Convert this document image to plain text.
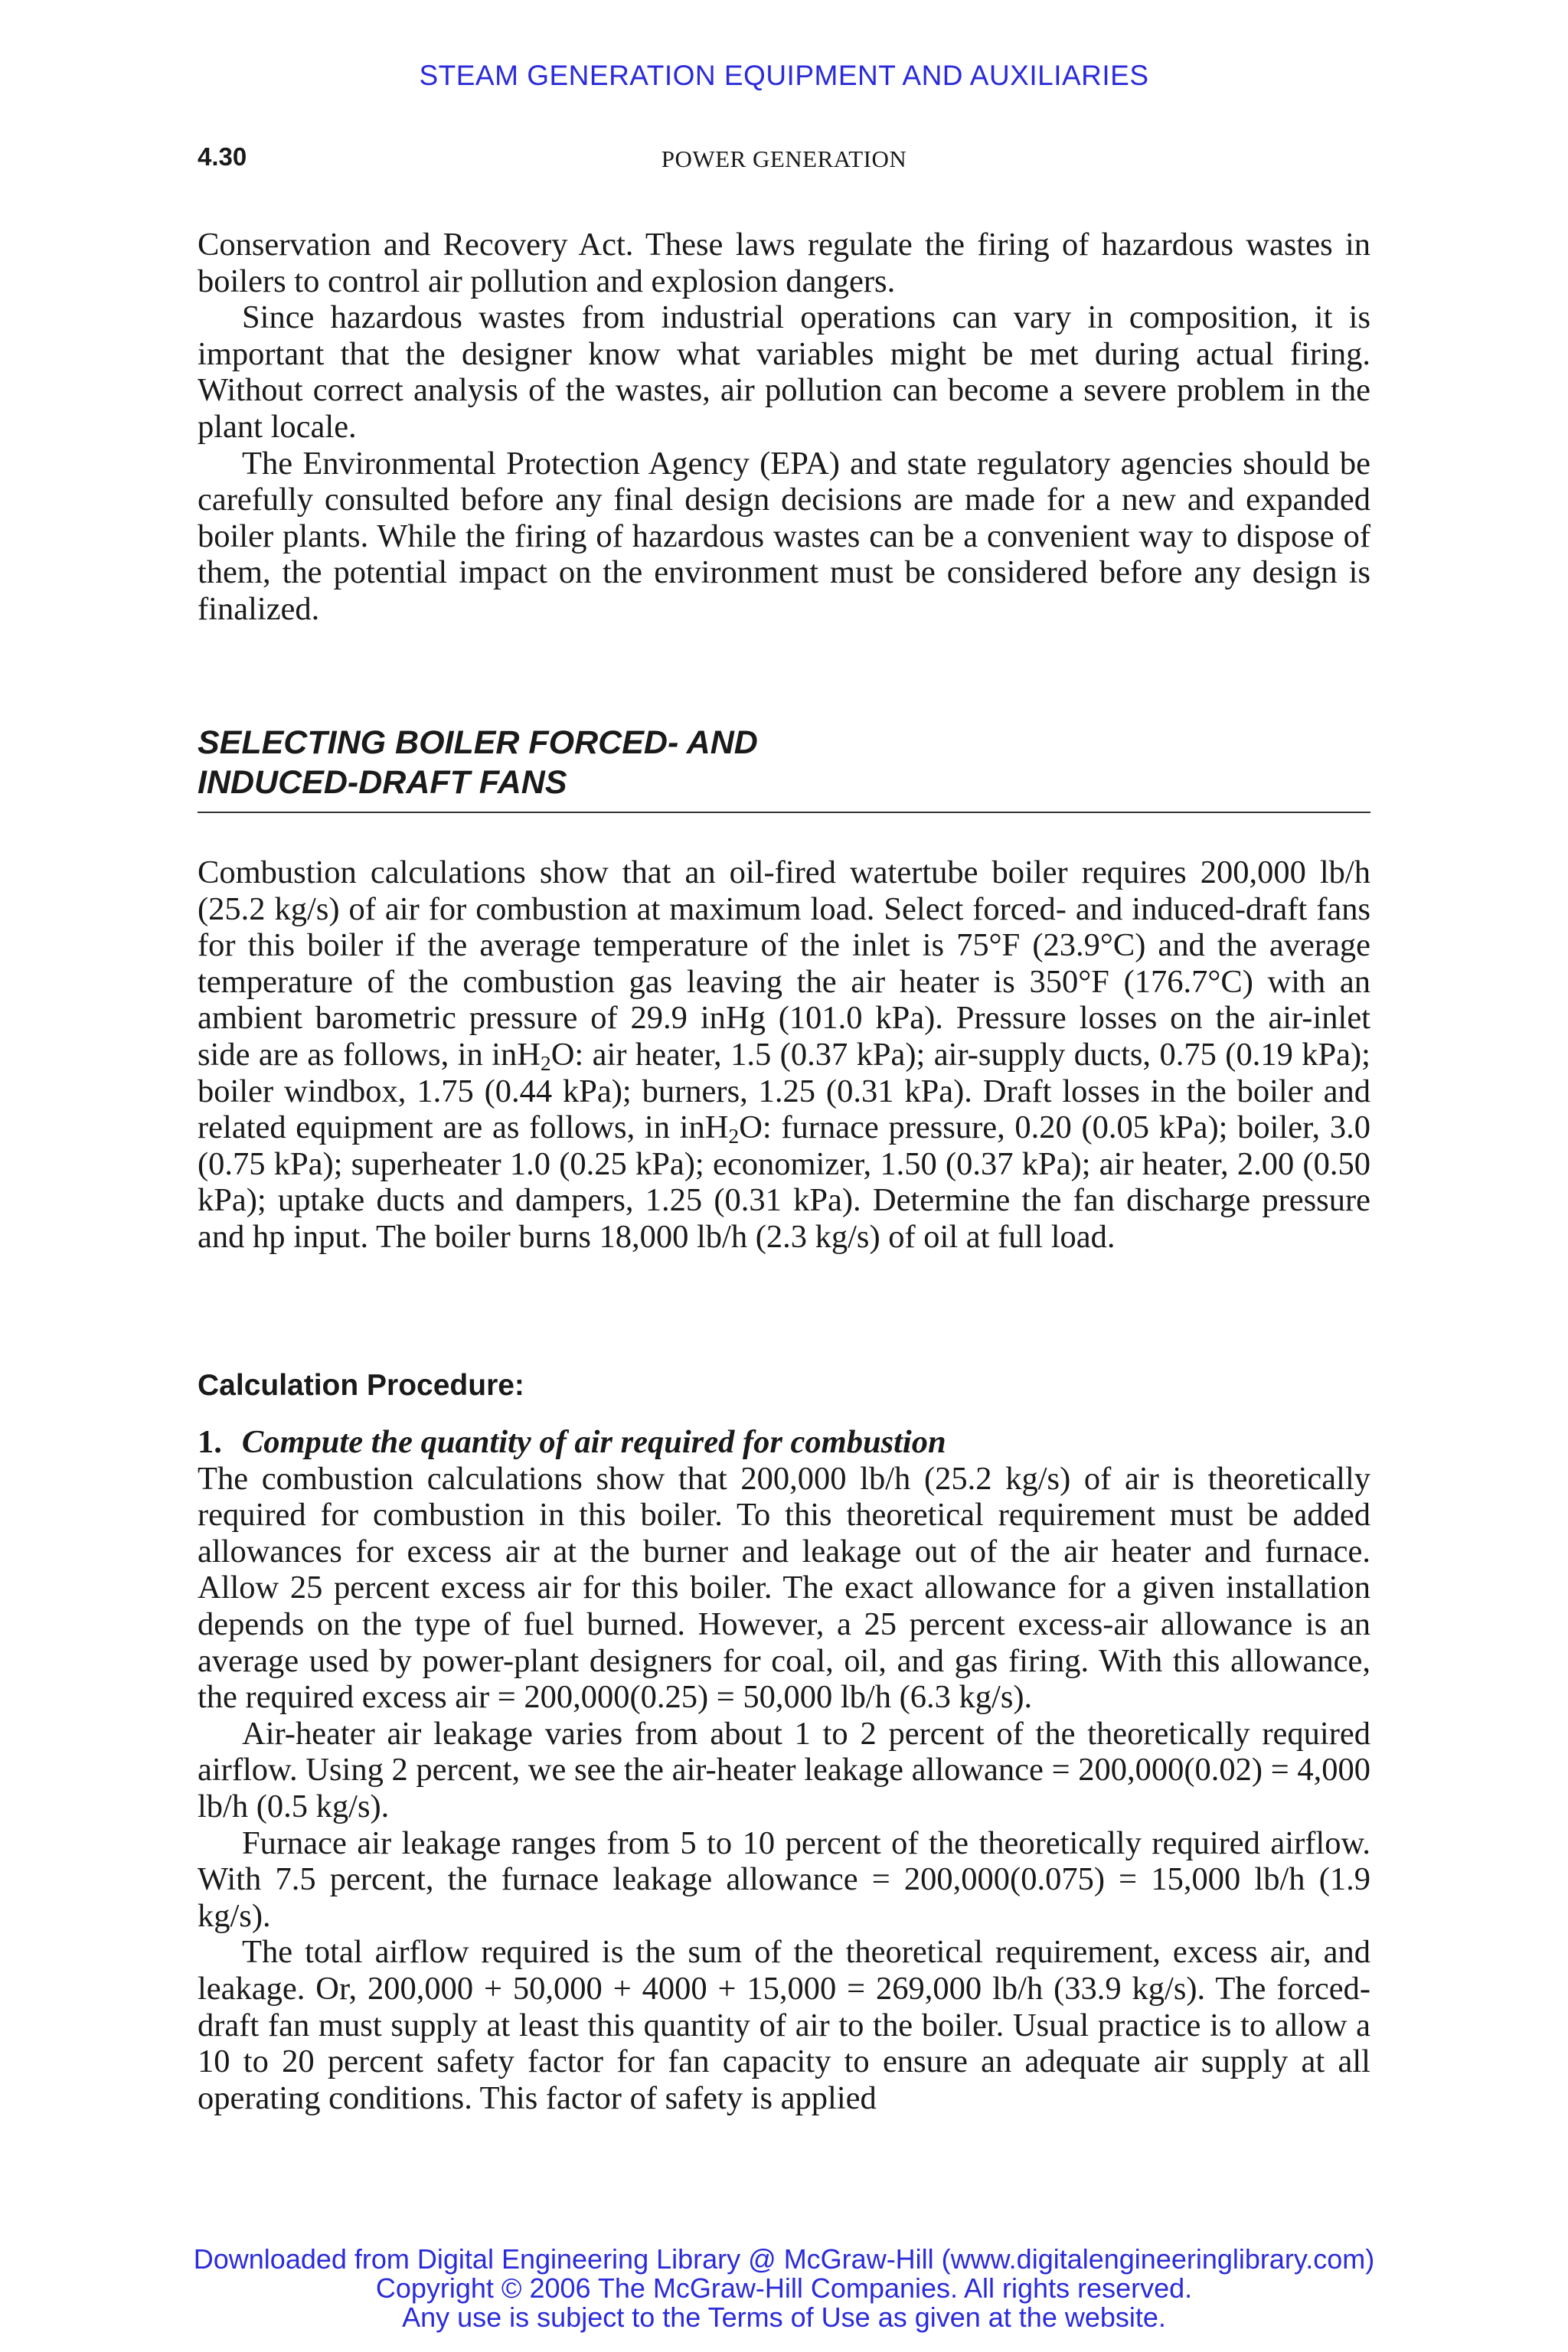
STEAM GENERATION EQUIPMENT AND AUXILIARIES
4.30	POWER GENERATION

Conservation and Recovery Act. These laws regulate the firing of hazardous wastes in boilers to control air pollution and explosion dangers.

Since hazardous wastes from industrial operations can vary in composition, it is important that the designer know what variables might be met during actual firing. Without correct analysis of the wastes, air pollution can become a severe problem in the plant locale.

The Environmental Protection Agency (EPA) and state regulatory agencies should be carefully consulted before any final design decisions are made for a new and expanded boiler plants. While the firing of hazardous wastes can be a convenient way to dispose of them, the potential impact on the environment must be considered before any design is finalized.

SELECTING BOILER FORCED- AND
INDUCED-DRAFT FANS

Combustion calculations show that an oil-fired watertube boiler requires 200,000 lb/h (25.2 kg/s) of air for combustion at maximum load. Select forced- and induced-draft fans for this boiler if the average temperature of the inlet is 75°F (23.9°C) and the average temperature of the combustion gas leaving the air heater is 350°F (176.7°C) with an ambient barometric pressure of 29.9 inHg (101.0 kPa). Pressure losses on the air-inlet side are as follows, in inH$_2$O: air heater, 1.5 (0.37 kPa); air-supply ducts, 0.75 (0.19 kPa); boiler windbox, 1.75 (0.44 kPa); burners, 1.25 (0.31 kPa). Draft losses in the boiler and related equipment are as follows, in inH$_2$O: furnace pressure, 0.20 (0.05 kPa); boiler, 3.0 (0.75 kPa); superheater 1.0 (0.25 kPa); economizer, 1.50 (0.37 kPa); air heater, 2.00 (0.50 kPa); uptake ducts and dampers, 1.25 (0.31 kPa). Determine the fan discharge pressure and hp input. The boiler burns 18,000 lb/h (2.3 kg/s) of oil at full load.

Calculation Procedure:
1. Compute the quantity of air required for combustion

The combustion calculations show that 200,000 lb/h (25.2 kg/s) of air is theoretically required for combustion in this boiler. To this theoretical requirement must be added allowances for excess air at the burner and leakage out of the air heater and furnace. Allow 25 percent excess air for this boiler. The exact allowance for a given installation depends on the type of fuel burned. However, a 25 percent excess-air allowance is an average used by power-plant designers for coal, oil, and gas firing. With this allowance, the required excess air = 200,000(0.25) = 50,000 lb/h (6.3 kg/s).

Air-heater air leakage varies from about 1 to 2 percent of the theoretically required airflow. Using 2 percent, we see the air-heater leakage allowance = 200,000(0.02) = 4,000 lb/h (0.5 kg/s).

Furnace air leakage ranges from 5 to 10 percent of the theoretically required airflow. With 7.5 percent, the furnace leakage allowance = 200,000(0.075) = 15,000 lb/h (1.9 kg/s).

The total airflow required is the sum of the theoretical requirement, excess air, and leakage. Or, 200,000 + 50,000 + 4000 + 15,000 = 269,000 lb/h (33.9 kg/s). The forced-draft fan must supply at least this quantity of air to the boiler. Usual practice is to allow a 10 to 20 percent safety factor for fan capacity to ensure an adequate air supply at all operating conditions. This factor of safety is applied

Downloaded from Digital Engineering Library @ McGraw-Hill (www.digitalengineeringlibrary.com)
Copyright © 2006 The McGraw-Hill Companies. All rights reserved.
Any use is subject to the Terms of Use as given at the website.
